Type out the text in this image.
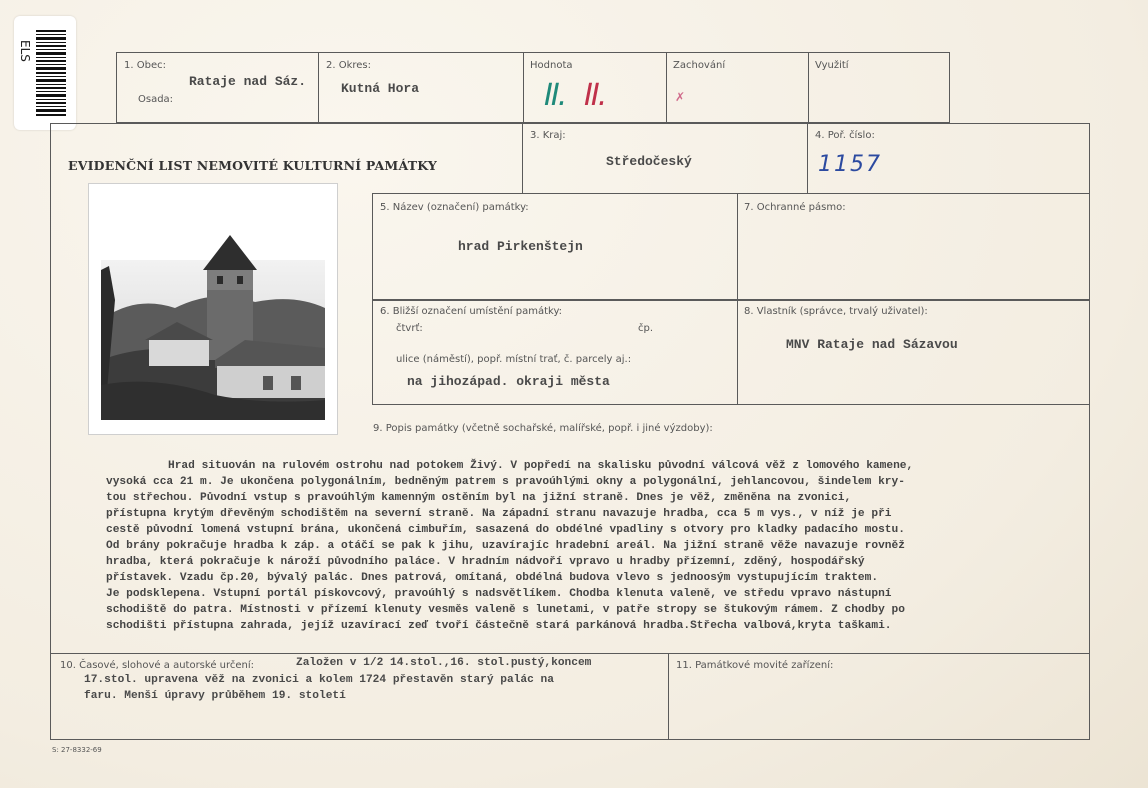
ELS
1. Obec:
Rataje nad Sáz.
Osada:
2. Okres:
Kutná Hora
Hodnota
II. II.
Zachování
✗
Využití
EVIDENČNÍ LIST NEMOVITÉ KULTURNÍ PAMÁTKY
3. Kraj:
Středočeský
4. Poř. číslo:
1157
5. Název (označení) památky:
hrad Pirkenštejn
7. Ochranné pásmo:
6. Bližší označení umístění památky:
čtvrť:	čp.
ulice (náměstí), popř. místní trať, č. parcely aj.:
na jihozápad. okraji města
8. Vlastník (správce, trvalý uživatel):
MNV Rataje nad Sázavou
9. Popis památky (včetně sochařské, malířské, popř. i jiné výzdoby):
Hrad situován na rulovém ostrohu nad potokem Živý. V popředí na skalisku původní válcová věž z lomového kamene,
vysoká cca 21 m. Je ukončena polygonálním, bedněným patrem s pravoúhlými okny a polygonální, jehlancovou, šindelem kry-
tou střechou. Původní vstup s pravoúhlým kamenným ostěním byl na jižní straně. Dnes je věž, změněna na zvonici,
přístupna krytým dřevěným schodištěm na severní straně. Na západní stranu navazuje hradba, cca 5 m vys., v níž je při
cestě původní lomená vstupní brána, ukončená cimbuřím, sasazená do obdélné vpadliny s otvory pro kladky padacího mostu.
Od brány pokračuje hradba k záp. a otáčí se pak k jihu, uzavírajíc hradební areál. Na jižní straně věže navazuje rovněž
hradba, která pokračuje k nároží původního paláce. V hradním nádvoří vpravo u hradby přízemní, zděný, hospodářský
přístavek. Vzadu čp.20, bývalý palác. Dnes patrová, omítaná, obdélná budova vlevo s jednoosým vystupujícím traktem.
Je podsklepena. Vstupní portál pískovcový, pravoúhlý s nadsvětlíkem. Chodba klenuta valeně, ve středu vpravo nástupní
schodiště do patra. Místnosti v přízemí klenuty vesměs valeně s lunetami, v patře stropy se štukovým rámem. Z chodby po
schodišti přístupna zahrada, jejíž uzavírací zeď tvoří částečně stará parkánová hradba.Střecha valbová,kryta taškami.
10. Časové, slohové a autorské určení:	Založen v 1/2 14.stol.,16. stol.pustý,koncem
17.stol. upravena věž na zvonici a kolem 1724 přestavěn starý palác na
faru. Menší úpravy průběhem 19. století
11. Památkové movité zařízení:
S: 27-8332-69
